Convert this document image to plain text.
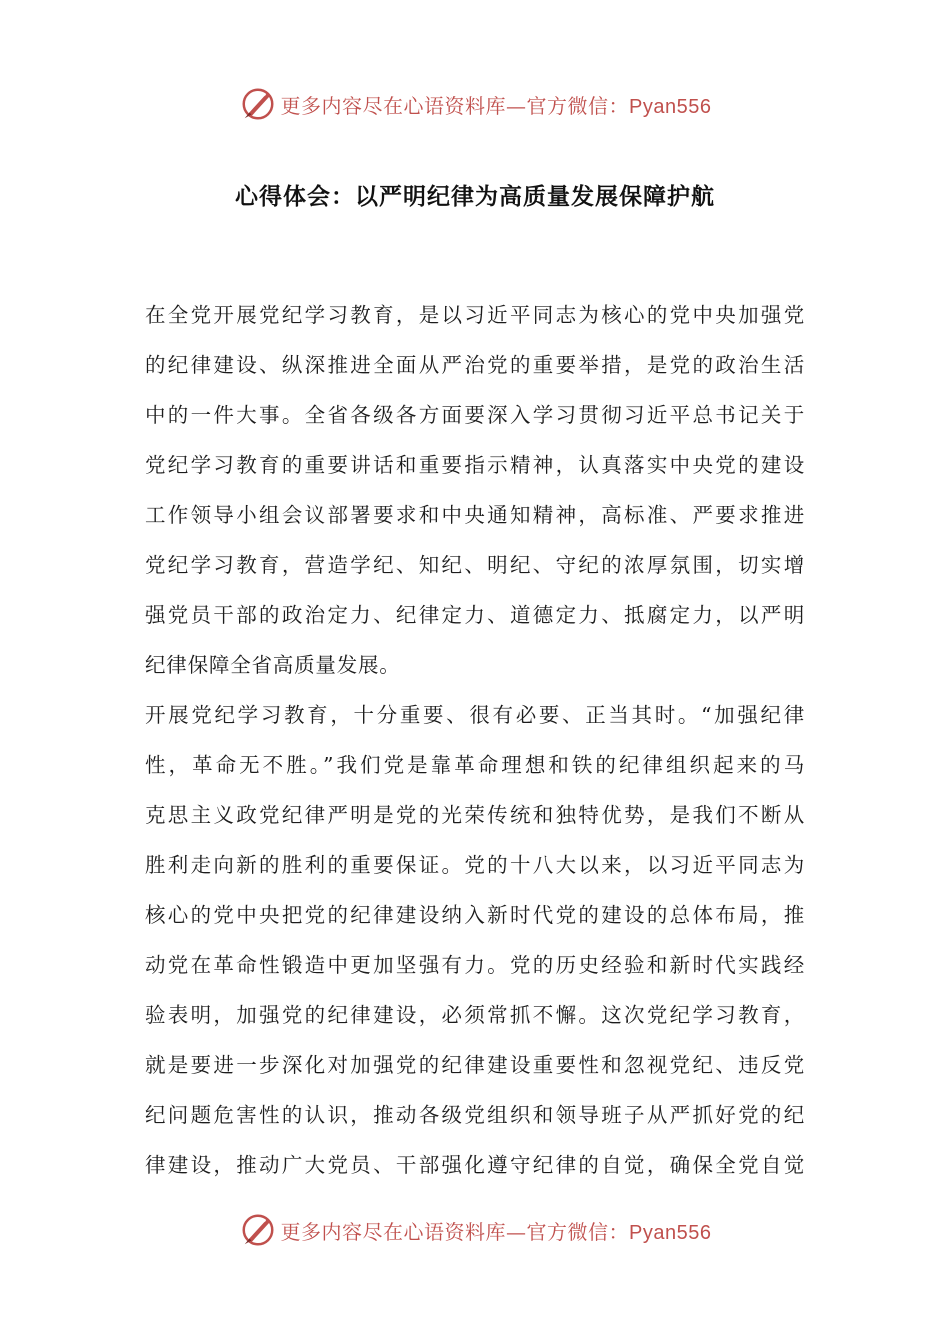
更多内容尽在心语资料库—官方微信：Pyan556
心得体会：以严明纪律为高质量发展保障护航
在全党开展党纪学习教育，是以习近平同志为核心的党中央加强党
的纪律建设、纵深推进全面从严治党的重要举措，是党的政治生活
中的一件大事。全省各级各方面要深入学习贯彻习近平总书记关于
党纪学习教育的重要讲话和重要指示精神，认真落实中央党的建设
工作领导小组会议部署要求和中央通知精神，高标准、严要求推进
党纪学习教育，营造学纪、知纪、明纪、守纪的浓厚氛围，切实增
强党员干部的政治定力、纪律定力、道德定力、抵腐定力，以严明
纪律保障全省高质量发展。
开展党纪学习教育，十分重要、很有必要、正当其时。“加强纪律
性，革命无不胜。”我们党是靠革命理想和铁的纪律组织起来的马
克思主义政党纪律严明是党的光荣传统和独特优势，是我们不断从
胜利走向新的胜利的重要保证。党的十八大以来，以习近平同志为
核心的党中央把党的纪律建设纳入新时代党的建设的总体布局，推
动党在革命性锻造中更加坚强有力。党的历史经验和新时代实践经
验表明，加强党的纪律建设，必须常抓不懈。这次党纪学习教育，
就是要进一步深化对加强党的纪律建设重要性和忽视党纪、违反党
纪问题危害性的认识，推动各级党组织和领导班子从严抓好党的纪
律建设，推动广大党员、干部强化遵守纪律的自觉，确保全党自觉
更多内容尽在心语资料库—官方微信：Pyan556
